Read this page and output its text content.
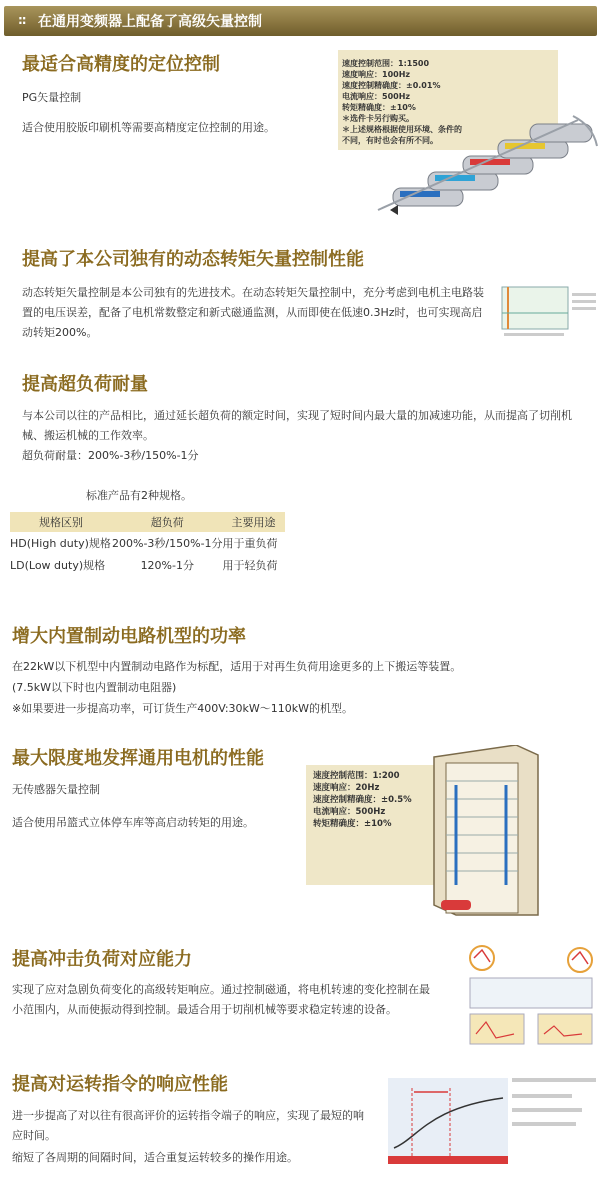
:: 在通用变频器上配备了高级矢量控制
最适合高精度的定位控制
PG矢量控制
适合使用胶版印刷机等需要高精度定位控制的用途。
速度控制范围：1:1500
速度响应：100Hz
速度控制精确度：±0.01%
电流响应：500Hz
转矩精确度：±10%
＊选件卡另行购买。
＊上述规格根据使用环境、条件的
不同，有时也会有所不同。
提高了本公司独有的动态转矩矢量控制性能
动态转矩矢量控制是本公司独有的先进技术。在动态转矩矢量控制中，充分考虑到电机主电路装置的电压误差，配备了电机常数整定和新式磁通监测，从而即使在低速0.3Hz时，也可实现高启动转矩200%。
提高超负荷耐量
与本公司以往的产品相比，通过延长超负荷的额定时间，实现了短时间内最大量的加减速功能，从而提高了切削机械、搬运机械的工作效率。
超负荷耐量：200%-3秒/150%-1分
标准产品有2种规格。
规格区别	超负荷	主要用途
HD(High duty)规格	200%-3秒/150%-1分	用于重负荷
LD(Low duty)规格	120%-1分	用于轻负荷
增大内置制动电路机型的功率
在22kW以下机型中内置制动电路作为标配，适用于对再生负荷用途更多的上下搬运等装置。
(7.5kW以下时也内置制动电阻器)
※如果要进一步提高功率，可订货生产400V:30kW～110kW的机型。
最大限度地发挥通用电机的性能
无传感器矢量控制
适合使用吊篮式立体停车库等高启动转矩的用途。
速度控制范围：1:200
速度响应：20Hz
速度控制精确度：±0.5%
电流响应：500Hz
转矩精确度：±10%
提高冲击负荷对应能力
实现了应对急剧负荷变化的高级转矩响应。通过控制磁通，将电机转速的变化控制在最小范围内，从而使振动得到控制。最适合用于切削机械等要求稳定转速的设备。
提高对运转指令的响应性能
进一步提高了对以往有很高评价的运转指令端子的响应，实现了最短的响应时间。
缩短了各周期的间隔时间，适合重复运转较多的操作用途。
